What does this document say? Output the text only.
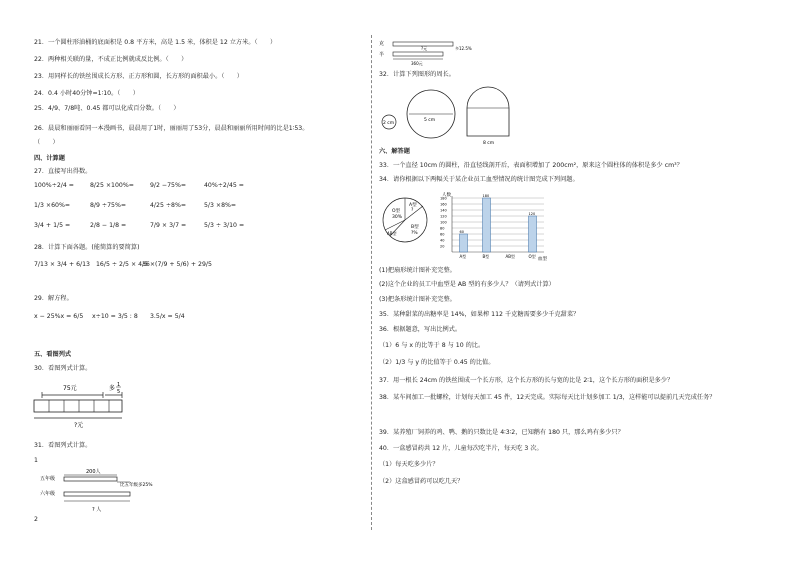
21．一个圆柱形油桶的底面积是 0.8 平方米，高是 1.5 米，体积是 12 立方米。（　　）
22．两种相关联的量，不成正比例就成反比例。（　　）
23．用同样长的铁丝围成长方形、正方形和圆，长方形的面积最小。（　　）
24．0.4 小时40分钟=1∶10。（　　）
25．4/9、7/8吨、0.45 都可以化成百分数。（　　）
26．晨晨和丽丽看同一本漫画书，晨晨用了1时，丽丽用了53分，晨晨和丽丽所用时间的比是1∶53。
（　　）
四、计算题
27．直接写出得数。
100%÷2/4 =	8/25 ×100%=	9/2 −75%=	40%÷2/45 =
1/3 ×60%=	8/9 ÷75%=	4/25 ÷8%=	5/3 ×8%=
3/4 + 1/5 =	2/8 − 1/8 =	7/9 × 3/7 =	5/3 ÷ 3/10 =
28．计算下面各题。(能简算的要简算)
7/13 × 3/4 + 6/13 16/5 ÷ 2/5 × 4/5
36×(7/9 + 5/6) + 29/5
29．解方程。
x − 25%x = 6/5 x÷10 = 3/5 : 8 3.5/x = 5/4
五、看图列式
30．看图列式计算。
75元	多 1
5
?元
31．看图列式计算。
1
五年级
六年级
200人
比五年级多25%
? 人
2
克
半
?元	多12.5%
360元
32．计算下列图形的周长。
2 cm
5 cm
8 cm
六、解答题
33．一个直径 10cm 的圆柱，沿直径线剖开后，表面积增加了 200cm²，原来这个圆柱体的体积是多少 cm³？
34．请你根据以下两幅关于某企业员工血型情况的统计图完成下列问题。
O型
30%
A型
?
AB型
B型
?%
人数
180
160
140
120
100
80
60
40
20
60
A型
180
B型	AB型
120
O型
血型
(1)把扇形统计图补充完整。
(2)这个企业的员工中血型是 AB 型的有多少人？（请列式计算）
(3)把条形统计图补充完整。
35．某种甜菜的出糖率是 14%，如果榨 112 千克糖需要多少千克甜菜？
36．根据题意，写出比例式。
（1）6 与 x 的比等于 8 与 10 的比。
（2）1/3 与 y 的比值等于 0.45 的比值。
37．用一根长 24cm 的铁丝围成一个长方形，这个长方形的长与宽的比是 2∶1，这个长方形的面积是多少？
38．某车间加工一批螺栓，计划每天加工 45 件，12天完成。实际每天比计划多加工 1/3，这样能可以提前几天完成任务？
39．某养殖厂饲养的鸡、鸭、鹅的只数比是 4∶3∶2，已知鹅有 180 只，那么鸡有多少只？
40．一盒感冒药共 12 片，儿童每次吃半片，每天吃 3 次。
（1）每天吃多少片？
（2）这盒感冒药可以吃几天？
